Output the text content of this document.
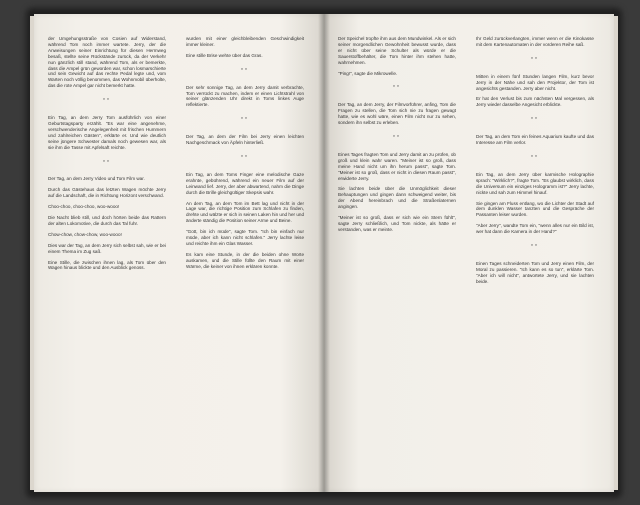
der Umgehungsstraße von Cosien auf Widerstand, während Tom noch immer wartete. Jerry, der die Anweisungen seiner Einrichtung für diesen Hermweg besaß, stellte seine Rückstände zurück, da der Verkehr nun gänzlich still stand, während Tom, als er bemerkte, dass die Ampel grün geworden war, schon losmarschierte und sein Gewicht auf das rechte Pedal legte und, vom Warten noch völlig benommen, das Wohnmobil überholte, das die rote Ampel gar nicht bemerkt hatte.

**

Ein Tag, an dem Jerry Tom ausführlich von einer Geburtstagsparty erzählt. "Es war eine angenehme, verschwenderische Angelegenheit mit frischen Hummern und zahlreichen Gästen", erklärte er. Und wie deutlich seine jüngere Schwester damals noch gewesen war, als sie ihm die Tasse mit Apfelsaft reichte.

**

Der Tag, an dem Jerry Video und Tom Film war.

Durch das Gästehaus das letzten Wagen möchte Jerry auf die Landschaft, die in Richtung Horizont verschwand.

Choo-choo, choo-choo, woo-wooo!

Die Nacht blieb still, und doch hörten beide das Rattern der alten Lokomotive, die durch das Tal fuhr.

Chow-chow, chow-chow, woo-wooo!

Dies war der Tag, an dem Jerry sich selbst sah, wie er bei einem Thema im Zug saß.

Eine Stille, die zwischen ihnen lag, als Tom über den Wagen hinaus blickte und den Ausblick genoss.

wurden mit einer gleichbleibenden Geschwindigkeit immer kleiner.

Eine stille Brise wehte über das Gras.

**

Der sehr sonnige Tag, an dem Jerry damit verbrachte, Tom verrückt zu machen, indem er einen Lichtstrahl von seiner glänzenden Uhr direkt in Toms linkes Auge reflektierte.

**

Der Tag, an dem der Film bei Jerry einen leichten Nachgeschmack von Äpfeln hinterließ.

**

Ein Tag, an dem Toms Finger eine melodische Gaze erahnte, gebührend, während ein neuer Film auf der Leinwand lief. Jerry, der aber abwartend, nahm die Dinge durch die Brille gleichgültiger Skepsis wahr.

An dem Tag, an dem Tom im Bett lag und nicht in der Lage war, die richtige Position zum Schlafen zu finden, drehte und wälzte er sich in seinen Laken hin und her und änderte ständig die Position seiner Arme und Beine.

"Gott, bin ich müde", sagte Tom. "Ich bin einfach nur müde, aber ich kann nicht schlafen." Jerry lachte leise und reichte ihm ein Glas Wasser.

Es kam eine Stunde, in der die beiden ohne Worte auskamen, und die Stille füllte den Raum mit einer Wärme, die keiner von ihnen erklären konnte.

Der Speichel tropfte ihm aus dem Mundwinkel. Als er sich seiner morgendlichen Gewohnheit bewusst wurde, dass er nicht über seine Schulter als würde er die Sauerstoffbehälter, die Tom hinter ihm stehen hatte, wahrnehmen.

"Ping!", sagte die Mikrowelle.

**

Der Tag, an dem Jerry, der Filmvorführer, anfing, Tom die Fragen zu stellen, die Tom sich nie zu fragen gewagt hatte, wie es wohl wäre, einen Film nicht nur zu sehen, sondern ihn selbst zu erleben.

**

Eines Tages fragten Tom und Jerry damit an zu prüfen, ob groß und klein wahr waren. "Meiner ist so groß, dass meine Hand nicht um ihn herum passt", sagte Tom. "Meiner ist so groß, dass er nicht in diesen Raum passt", erwiderte Jerry.

Sie lachten beide über die Unmöglichkeit dieser Behauptungen und gingen dann schweigend weiter, bis der Abend hereinbrach und die Straßenlaternen angingen.

"Meiner ist so groß, dass er sich wie ein Stern fühlt", sagte Jerry schließlich, und Tom nickte, als hätte er verstanden, was er meinte.

Ihr Geld zurückverlangten, immer wenn er die Kinokasse mit dem Kartenautomaten in der vorderen Reihe saß.

**

Mitten in einem fünf Stunden langen Film, kurz bevor Jerry in der Nähe und sah den Projektor, der Tom ist angesichts gestanden. Jerry aber nicht.

Er hat den Verlust bis zum nächsten Mal vergessen, als Jerry wieder dasselbe Angesicht erblickte.

**

Der Tag, an dem Tom ein feines Aquarium kaufte und das Interesse am Film verlor.

**

Ein Tag, an dem Jerry über karmische Holographie sprach: "Wirklich?", fragte Tom. "Es glaubst wirklich, dass die Universum ein einziges Hologramm ist?" Jerry lachte, nickte und sah zum Himmel hinauf.

Sie gingen am Fluss entlang, wo die Lichter der Stadt auf dem dunklen Wasser tanzten und die Gespräche der Passanten leiser wurden.

"Aber Jerry", wandte Tom ein, "wenn alles nur ein Bild ist, wer hat dann die Kamera in der Hand?"

**

Einen Tages schneiderten Tom und Jerry einen Film, der Moral zu passieren. "Ich kann es so tun", erklärte Tom. "Aber ich will nicht", antwortete Jerry, und sie lachten beide.
